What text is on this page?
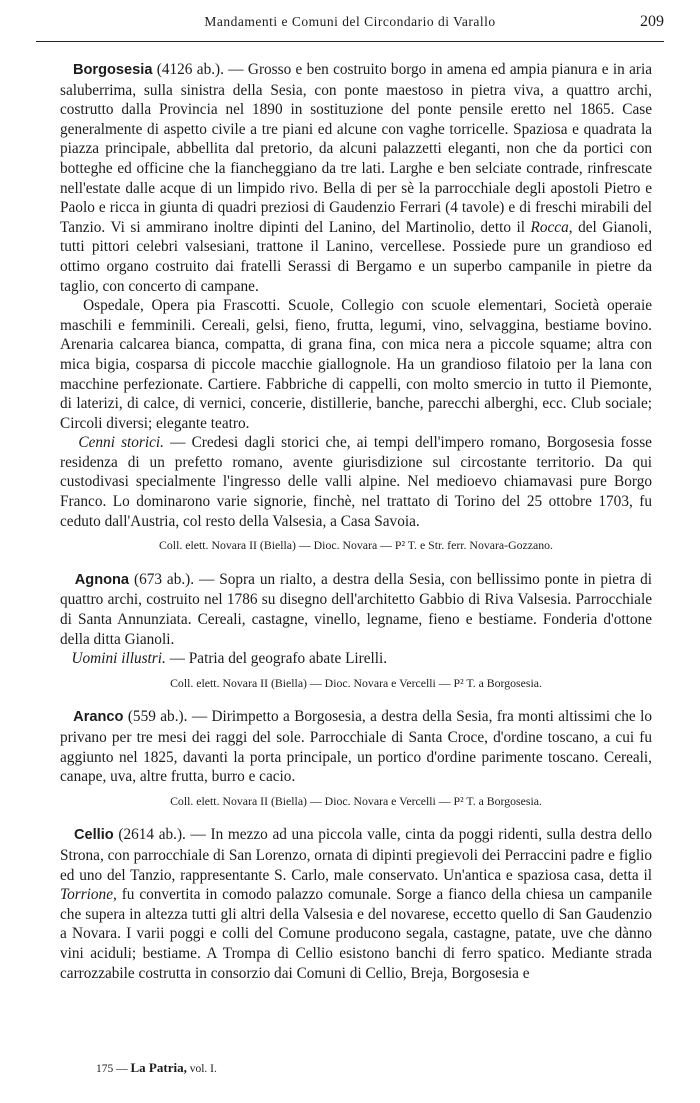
Mandamenti e Comuni del Circondario di Varallo	209

Borgosesia (4126 ab.). — Grosso e ben costruito borgo in amena ed ampia pianura e in aria saluberrima, sulla sinistra della Sesia, con ponte maestoso in pietra viva, a quattro archi, costrutto dalla Provincia nel 1890 in sostituzione del ponte pensile eretto nel 1865. Case generalmente di aspetto civile a tre piani ed alcune con vaghe torricelle. Spaziosa e quadrata la piazza principale, abbellita dal pretorio, da alcuni palazzetti eleganti, non che da portici con botteghe ed officine che la fiancheggiano da tre lati. Larghe e ben selciate contrade, rinfrescate nell'estate dalle acque di un limpido rivo. Bella di per sè la parrocchiale degli apostoli Pietro e Paolo e ricca in giunta di quadri preziosi di Gaudenzio Ferrari (4 tavole) e di freschi mirabili del Tanzio. Vi si ammirano inoltre dipinti del Lanino, del Martinolio, detto il Rocca, del Gianoli, tutti pittori celebri valsesiani, trattone il Lanino, vercellese. Possiede pure un grandioso ed ottimo organo costruito dai fratelli Serassi di Bergamo e un superbo campanile in pietre da taglio, con concerto di campane.

Ospedale, Opera pia Frascotti. Scuole, Collegio con scuole elementari, Società operaie maschili e femminili. Cereali, gelsi, fieno, frutta, legumi, vino, selvaggina, bestiame bovino. Arenaria calcarea bianca, compatta, di grana fina, con mica nera a piccole squame; altra con mica bigia, cosparsa di piccole macchie giallognole. Ha un grandioso filatoio per la lana con macchine perfezionate. Cartiere. Fabbriche di cappelli, con molto smercio in tutto il Piemonte, di laterizi, di calce, di vernici, concerie, distillerie, banche, parecchi alberghi, ecc. Club sociale; Circoli diversi; elegante teatro.

Cenni storici. — Credesi dagli storici che, ai tempi dell'impero romano, Borgosesia fosse residenza di un prefetto romano, avente giurisdizione sul circostante territorio. Da qui custodivasi specialmente l'ingresso delle valli alpine. Nel medioevo chiamavasi pure Borgo Franco. Lo dominarono varie signorie, finchè, nel trattato di Torino del 25 ottobre 1703, fu ceduto dall'Austria, col resto della Valsesia, a Casa Savoia.

Coll. elett. Novara II (Biella) — Dioc. Novara — P² T. e Str. ferr. Novara-Gozzano.

Agnona (673 ab.). — Sopra un rialto, a destra della Sesia, con bellissimo ponte in pietra di quattro archi, costruito nel 1786 su disegno dell'architetto Gabbio di Riva Valsesia. Parrocchiale di Santa Annunziata. Cereali, castagne, vinello, legname, fieno e bestiame. Fonderia d'ottone della ditta Gianoli.

Uomini illustri. — Patria del geografo abate Lirelli.

Coll. elett. Novara II (Biella) — Dioc. Novara e Vercelli — P² T. a Borgosesia.

Aranco (559 ab.). — Dirimpetto a Borgosesia, a destra della Sesia, fra monti altissimi che lo privano per tre mesi dei raggi del sole. Parrocchiale di Santa Croce, d'ordine toscano, a cui fu aggiunto nel 1825, davanti la porta principale, un portico d'ordine parimente toscano. Cereali, canape, uva, altre frutta, burro e cacio.

Coll. elett. Novara II (Biella) — Dioc. Novara e Vercelli — P² T. a Borgosesia.

Cellio (2614 ab.). — In mezzo ad una piccola valle, cinta da poggi ridenti, sulla destra dello Strona, con parrocchiale di San Lorenzo, ornata di dipinti pregievoli dei Perraccini padre e figlio ed uno del Tanzio, rappresentante S. Carlo, male conservato. Un'antica e spaziosa casa, detta il Torrione, fu convertita in comodo palazzo comunale. Sorge a fianco della chiesa un campanile che supera in altezza tutti gli altri della Valsesia e del novarese, eccetto quello di San Gaudenzio a Novara. I varii poggi e colli del Comune producono segala, castagne, patate, uve che dànno vini aciduli; bestiame. A Trompa di Cellio esistono banchi di ferro spatico. Mediante strada carrozzabile costrutta in consorzio dai Comuni di Cellio, Breja, Borgosesia e

175 — La Patria, vol. I.
